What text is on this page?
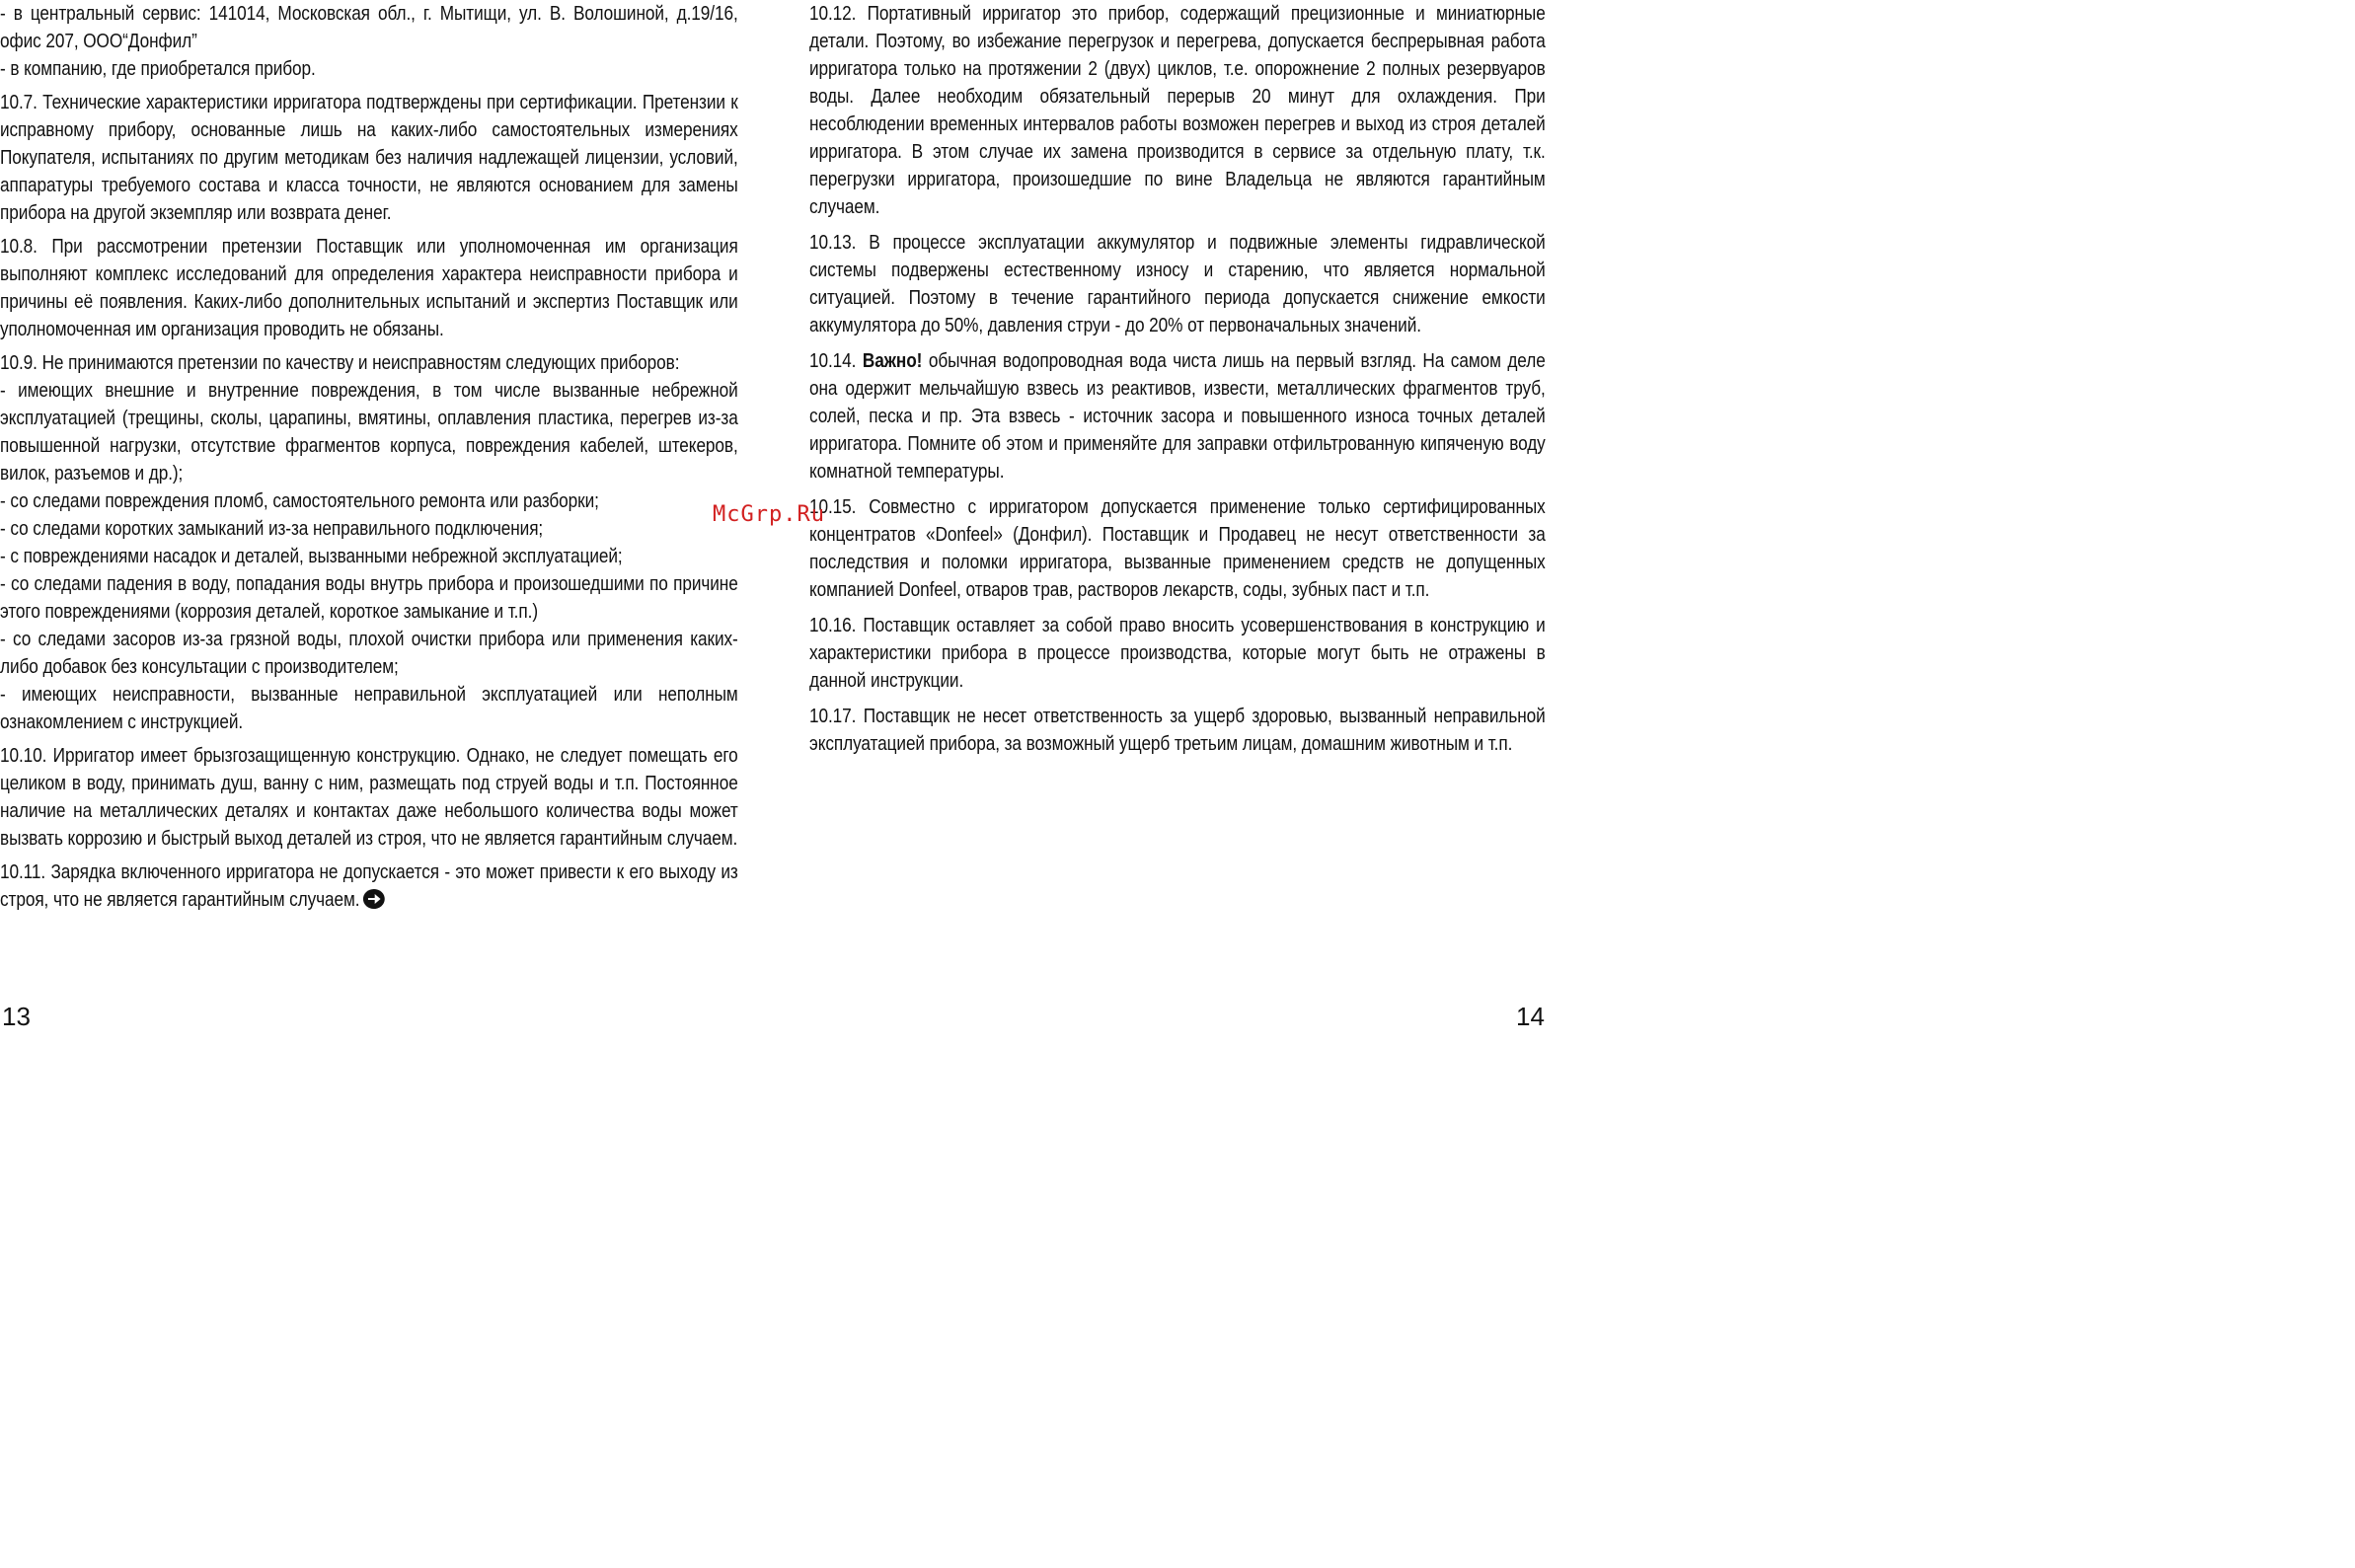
- в центральный сервис: 141014, Московская обл., г. Мытищи, ул. В. Волошиной, д.19/16, офис 207, ООО“Донфил”

- в компанию, где приобретался прибор.

10.7. Технические характеристики ирригатора подтверждены при сертификации. Претензии к исправному прибору, основанные лишь на каких-либо самостоятельных измерениях Покупателя, испытаниях по другим методикам без наличия надлежащей лицензии, условий, аппаратуры требуемого состава и класса точности, не являются основанием для замены прибора на другой экземпляр или возврата денег.

10.8. При рассмотрении претензии Поставщик или уполномоченная им организация выполняют комплекс исследований для определения характера неисправности прибора и причины её появления. Каких-либо дополнительных испытаний и экспертиз Поставщик или уполномоченная им организация проводить не обязаны.

10.9. Не принимаются претензии по качеству и неисправностям следующих приборов:

- имеющих внешние и внутренние повреждения, в том числе вызванные небрежной эксплуатацией (трещины, сколы, царапины, вмятины, оплавления пластика, перегрев из-за повышенной нагрузки, отсутствие фрагментов корпуса, повреждения кабелей, штекеров, вилок, разъемов и др.);

- со следами повреждения пломб, самостоятельного ремонта или разборки;

- со следами коротких замыканий из-за неправильного подключения;

- с повреждениями насадок и деталей, вызванными небрежной эксплуатацией;

- со следами падения в воду, попадания воды внутрь прибора и произошедшими по причине этого повреждениями (коррозия деталей, короткое замыкание и т.п.)

- со следами засоров из-за грязной воды, плохой очистки прибора или применения каких-либо добавок без консультации с производителем;

- имеющих неисправности, вызванные неправильной эксплуатацией или неполным ознакомлением с инструкцией.

10.10. Ирригатор имеет брызгозащищенную конструкцию. Однако, не следует помещать его целиком в воду, принимать душ, ванну с ним, размещать под струей воды и т.п. Постоянное наличие на металлических деталях и контактах даже небольшого количества воды может вызвать коррозию и быстрый выход деталей из строя, что не является гарантийным случаем.

10.11. Зарядка включенного ирригатора не допускается - это может привести к его выходу из строя, что не является гарантийным случаем.

10.12. Портативный ирригатор это прибор, содержащий прецизионные и миниатюрные детали. Поэтому, во избежание перегрузок и перегрева, допускается беспрерывная работа ирригатора только на протяжении 2 (двух) циклов, т.е. опорожнение 2 полных резервуаров воды. Далее необходим обязательный перерыв 20 минут для охлаждения. При несоблюдении временных интервалов работы возможен перегрев и выход из строя деталей ирригатора. В этом случае их замена производится в сервисе за отдельную плату, т.к. перегрузки ирригатора, произошедшие по вине Владельца не являются гарантийным случаем.

10.13. В процессе эксплуатации аккумулятор и подвижные элементы гидравлической системы подвержены естественному износу и старению, что является нормальной ситуацией. Поэтому в течение гарантийного периода допускается снижение емкости аккумулятора до 50%, давления струи - до 20% от первоначальных значений.

10.14. Важно! обычная водопроводная вода чиста лишь на первый взгляд. На самом деле она одержит мельчайшую взвесь из реактивов, извести, металлических фрагментов труб, солей, песка и пр. Эта взвесь - источник засора и повышенного износа точных деталей ирригатора. Помните об этом и применяйте для заправки отфильтрованную кипяченую воду комнатной температуры.

10.15. Совместно с ирригатором допускается применение только сертифицированных концентратов «Donfeel» (Донфил). Поставщик и Продавец не несут ответственности за последствия и поломки ирригатора, вызванные применением средств не допущенных компанией Donfeel, отваров трав, растворов лекарств, соды, зубных паст и т.п.

10.16. Поставщик оставляет за собой право вносить усовершенствования в конструкцию и характеристики прибора в процессе производства, которые могут быть не отражены в данной инструкции.

10.17. Поставщик не несет ответственность за ущерб здоровью, вызванный неправильной эксплуатацией прибора, за возможный ущерб третьим лицам, домашним животным и т.п.

McGrp.Ru
13	14
